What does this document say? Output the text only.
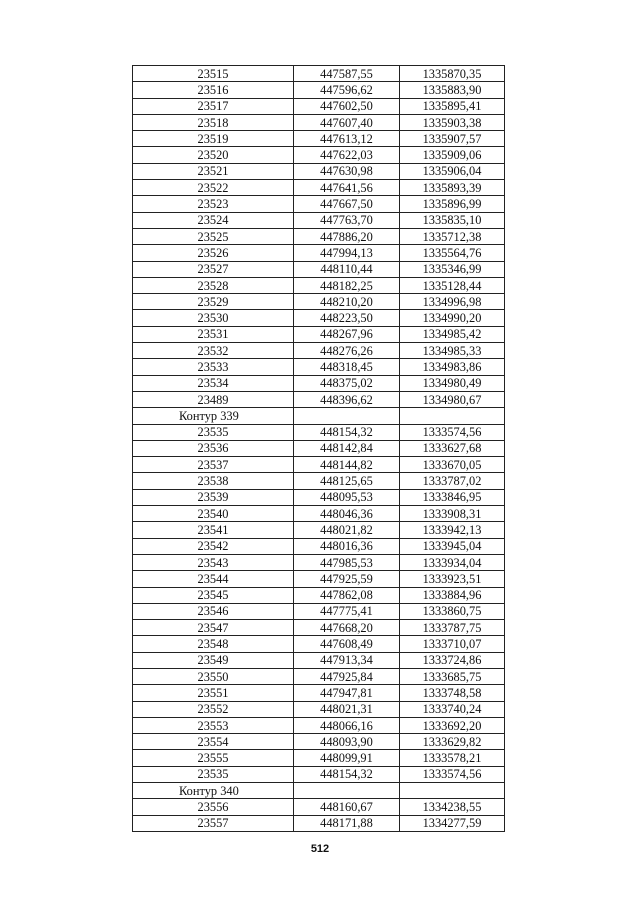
23515	447587,55	1335870,35
23516	447596,62	1335883,90
23517	447602,50	1335895,41
23518	447607,40	1335903,38
23519	447613,12	1335907,57
23520	447622,03	1335909,06
23521	447630,98	1335906,04
23522	447641,56	1335893,39
23523	447667,50	1335896,99
23524	447763,70	1335835,10
23525	447886,20	1335712,38
23526	447994,13	1335564,76
23527	448110,44	1335346,99
23528	448182,25	1335128,44
23529	448210,20	1334996,98
23530	448223,50	1334990,20
23531	448267,96	1334985,42
23532	448276,26	1334985,33
23533	448318,45	1334983,86
23534	448375,02	1334980,49
23489	448396,62	1334980,67
Контур 339		
23535	448154,32	1333574,56
23536	448142,84	1333627,68
23537	448144,82	1333670,05
23538	448125,65	1333787,02
23539	448095,53	1333846,95
23540	448046,36	1333908,31
23541	448021,82	1333942,13
23542	448016,36	1333945,04
23543	447985,53	1333934,04
23544	447925,59	1333923,51
23545	447862,08	1333884,96
23546	447775,41	1333860,75
23547	447668,20	1333787,75
23548	447608,49	1333710,07
23549	447913,34	1333724,86
23550	447925,84	1333685,75
23551	447947,81	1333748,58
23552	448021,31	1333740,24
23553	448066,16	1333692,20
23554	448093,90	1333629,82
23555	448099,91	1333578,21
23535	448154,32	1333574,56
Контур 340		
23556	448160,67	1334238,55
23557	448171,88	1334277,59
512
